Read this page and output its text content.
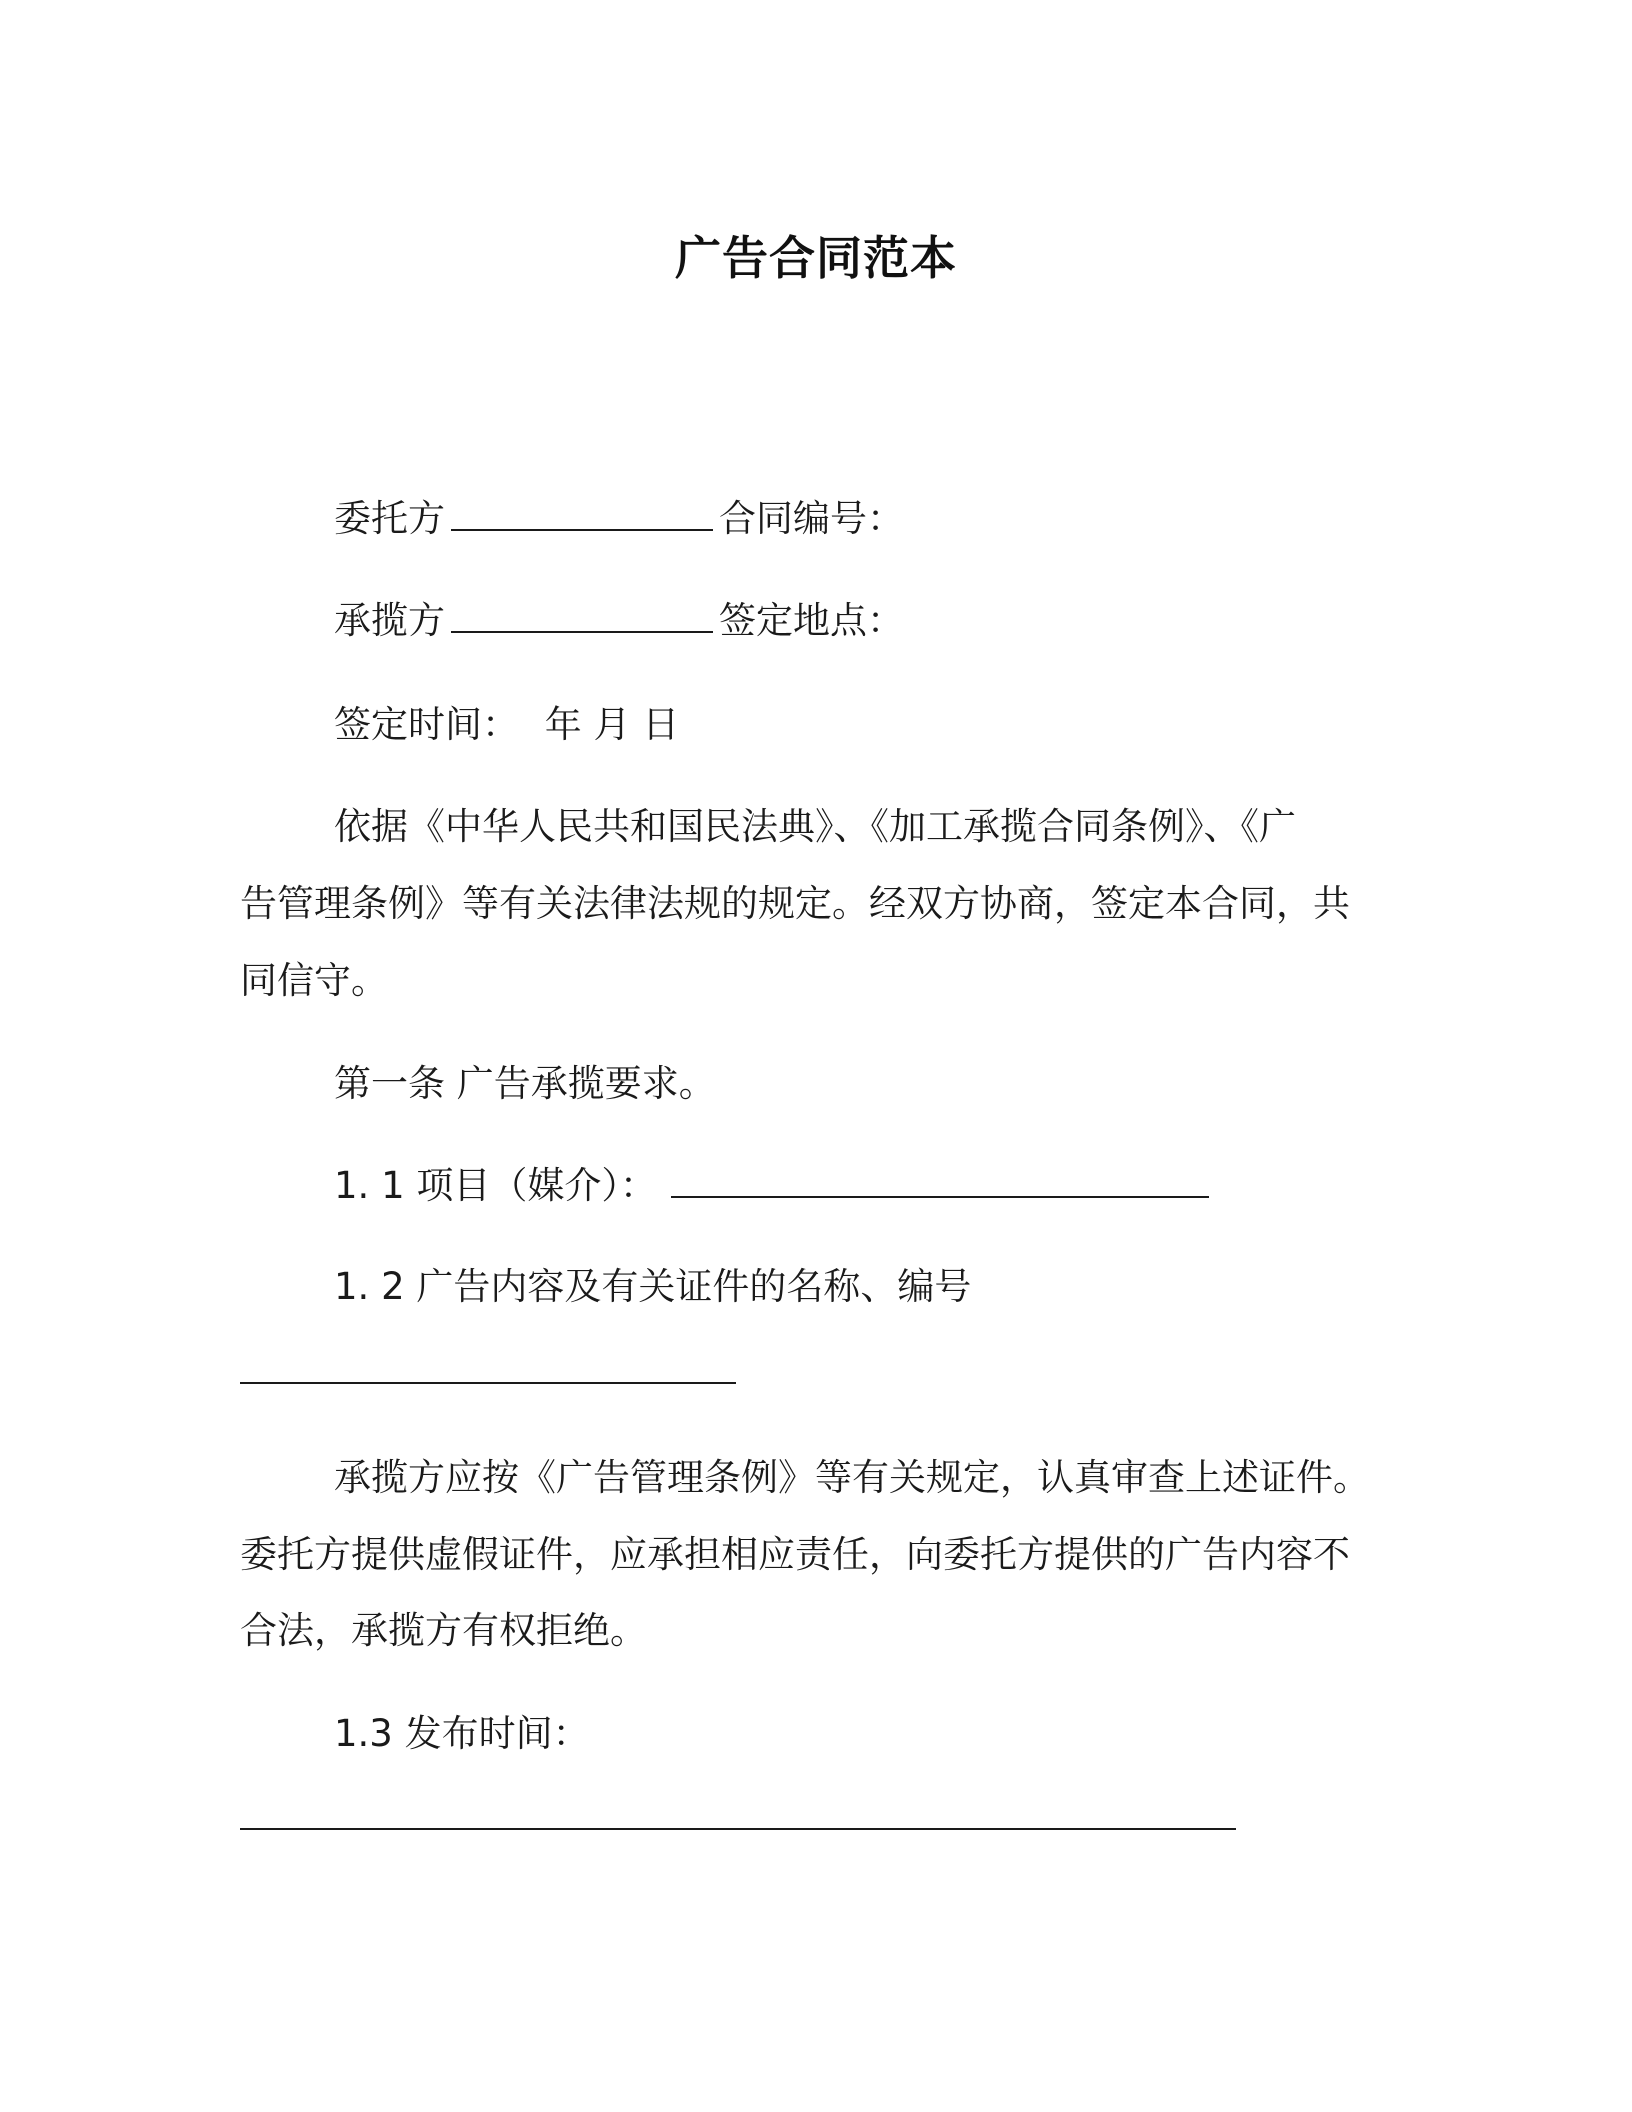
广告合同范本
委托方	合同编号：
承揽方	签定地点：
签定时间： 年 月 日
依据《中华人民共和国民法典》、《加工承揽合同条例》、《广
告管理条例》等有关法律法规的规定。经双方协商，签定本合同，共
同信守。
第一条 广告承揽要求。
1. 1 项目（媒介）：
1. 2 广告内容及有关证件的名称、编号
承揽方应按《广告管理条例》等有关规定，认真审查上述证件。
委托方提供虚假证件，应承担相应责任，向委托方提供的广告内容不
合法，承揽方有权拒绝。
1.3 发布时间：
